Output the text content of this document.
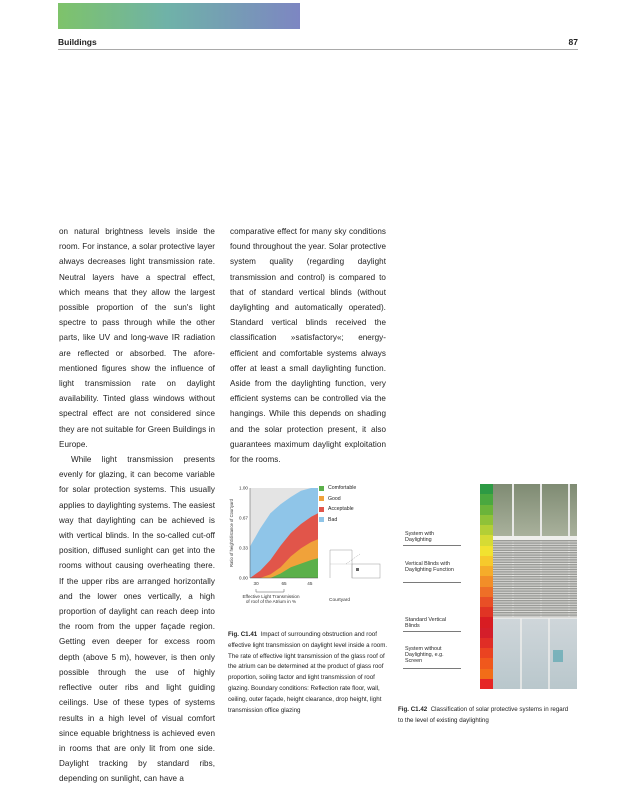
Buildings	87

on natural brightness levels inside the room. For instance, a solar protective layer always decreases light transmission rate. Neutral layers have a spectral effect, which means that they allow the largest possible proportion of the sun's light spectre to pass through while the other parts, like UV and long-wave IR radiation are reflected or absorbed. The afore-mentioned figures show the influence of light transmission rate on daylight availability. Tinted glass windows without spectral effect are not considered since they are not suitable for Green Buildings in Europe.

While light transmission presents evenly for glazing, it can become variable for solar protection systems. This usually applies to daylighting systems. The easiest way that daylighting can be achieved is with vertical blinds. In the so-called cut-off position, diffused sunlight can get into the rooms without causing overheating there. If the upper ribs are arranged horizontally and the lower ones vertically, a high proportion of daylight can reach deep into the room from the upper façade region. Getting even deeper for excess room depth (above 5 m), however, is then only possible through the use of highly reflective outer ribs and light guiding ceilings. Use of these types of systems results in a high level of visual comfort since equable brightness is achieved even in rooms that are only lit from one side. Daylight tracking by standard ribs, depending on sunlight, can have a

comparative effect for many sky conditions found throughout the year. Solar protective system quality (regarding daylight transmission and control) is compared to that of standard vertical blinds (without daylighting and automatically operated). Standard vertical blinds received the classification »satisfactory«; energy-efficient and comfortable systems always offer at least a small daylighting function. Aside from the daylighting function, very efficient systems can be controlled via the hangings. While this depends on shading and the solar protection present, it also guarantees maximum daylight exploitation for the rooms.

0.00
0.33
0.67
1.00
30	65	45
Ratio of height/distance of Courtyard
Effective Light Transmission of roof of the Atrium in %	Courtyard
Comfortable
Good
Acceptable
Bad
Fig. C1.41 Impact of surrounding obstruction and roof effective light transmission on daylight level inside a room. The rate of effective light transmission of the glass roof of the atrium can be determined at the product of glass roof proportion, soiling factor and light transmission of roof glazing. Boundary conditions: Reflection rate floor, wall, ceiling, outer façade, height clearance, drop height, light transmission office glazing
System with Daylighting
Vertical Blinds with Daylighting Function
Standard Vertical Blinds
System without Daylighting, e.g. Screen
Fig. C1.42 Classification of solar protective systems in regard to the level of existing daylighting
